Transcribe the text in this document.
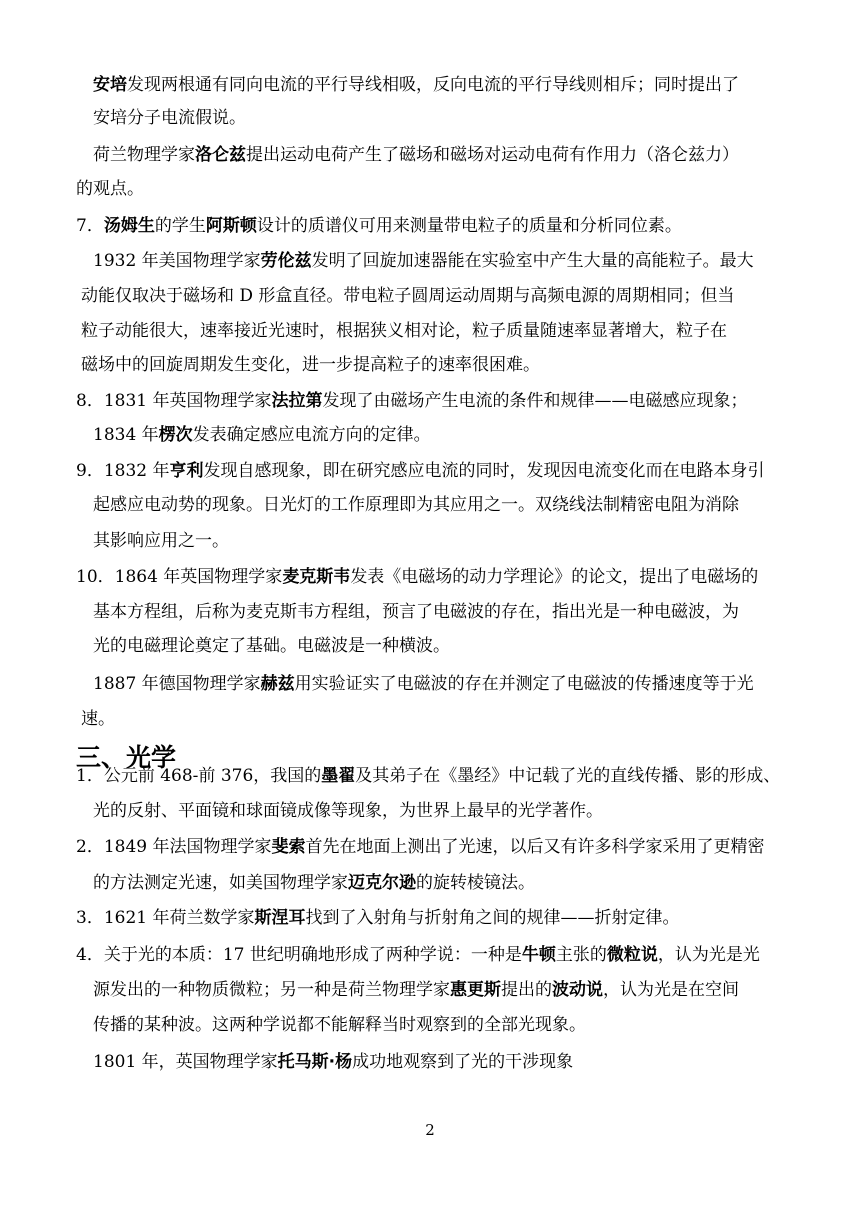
安培发现两根通有同向电流的平行导线相吸，反向电流的平行导线则相斥；同时提出了
安培分子电流假说。
荷兰物理学家洛仑兹提出运动电荷产生了磁场和磁场对运动电荷有作用力（洛仑兹力）
的观点。
7．汤姆生的学生阿斯顿设计的质谱仪可用来测量带电粒子的质量和分析同位素。
1932 年美国物理学家劳伦兹发明了回旋加速器能在实验室中产生大量的高能粒子。最大
动能仅取决于磁场和 D 形盒直径。带电粒子圆周运动周期与高频电源的周期相同；但当
粒子动能很大，速率接近光速时，根据狭义相对论，粒子质量随速率显著增大，粒子在
磁场中的回旋周期发生变化，进一步提高粒子的速率很困难。
8．1831 年英国物理学家法拉第发现了由磁场产生电流的条件和规律——电磁感应现象；
1834 年楞次发表确定感应电流方向的定律。
9．1832 年亨利发现自感现象，即在研究感应电流的同时，发现因电流变化而在电路本身引
起感应电动势的现象。日光灯的工作原理即为其应用之一。双绕线法制精密电阻为消除
其影响应用之一。
10．1864 年英国物理学家麦克斯韦发表《电磁场的动力学理论》的论文，提出了电磁场的
基本方程组，后称为麦克斯韦方程组，预言了电磁波的存在，指出光是一种电磁波，为
光的电磁理论奠定了基础。电磁波是一种横波。
1887 年德国物理学家赫兹用实验证实了电磁波的存在并测定了电磁波的传播速度等于光
速。
1．公元前 468-前 376，我国的墨翟及其弟子在《墨经》中记载了光的直线传播、影的形成、
光的反射、平面镜和球面镜成像等现象，为世界上最早的光学著作。
2．1849 年法国物理学家斐索首先在地面上测出了光速，以后又有许多科学家采用了更精密
的方法测定光速，如美国物理学家迈克尔逊的旋转棱镜法。
3．1621 年荷兰数学家斯涅耳找到了入射角与折射角之间的规律——折射定律。
4．关于光的本质：17 世纪明确地形成了两种学说：一种是牛顿主张的微粒说，认为光是光
源发出的一种物质微粒；另一种是荷兰物理学家惠更斯提出的波动说，认为光是在空间
传播的某种波。这两种学说都不能解释当时观察到的全部光现象。
1801 年，英国物理学家托马斯·杨成功地观察到了光的干涉现象
三、光学
2
